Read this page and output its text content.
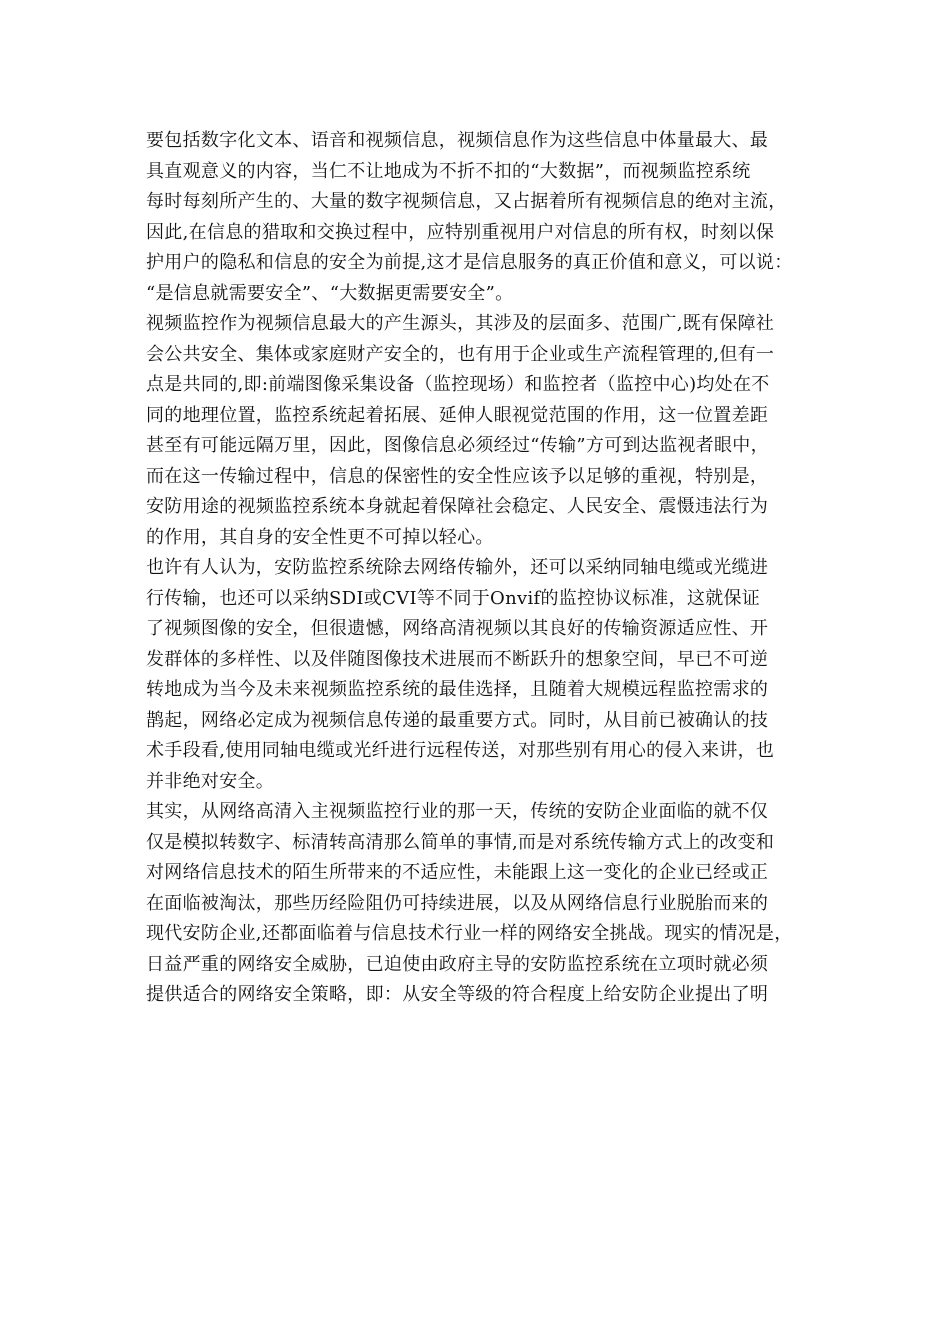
要包括数字化文本、语音和视频信息，视频信息作为这些信息中体量最大、最
具直观意义的内容，当仁不让地成为不折不扣的“大数据”，而视频监控系统
每时每刻所产生的、大量的数字视频信息，又占据着所有视频信息的绝对主流，
因此,在信息的猎取和交换过程中，应特别重视用户对信息的所有权，时刻以保
护用户的隐私和信息的安全为前提,这才是信息服务的真正价值和意义，可以说：
“是信息就需要安全”、“大数据更需要安全”。
视频监控作为视频信息最大的产生源头，其涉及的层面多、范围广,既有保障社
会公共安全、集体或家庭财产安全的，也有用于企业或生产流程管理的,但有一
点是共同的,即:前端图像采集设备（监控现场）和监控者（监控中心)均处在不
同的地理位置，监控系统起着拓展、延伸人眼视觉范围的作用，这一位置差距
甚至有可能远隔万里，因此，图像信息必须经过“传输”方可到达监视者眼中，
而在这一传输过程中，信息的保密性的安全性应该予以足够的重视，特别是，
安防用途的视频监控系统本身就起着保障社会稳定、人民安全、震慑违法行为
的作用，其自身的安全性更不可掉以轻心。
也许有人认为，安防监控系统除去网络传输外，还可以采纳同轴电缆或光缆进
行传输，也还可以采纳SDI或CVI等不同于Onvif的监控协议标准，这就保证
了视频图像的安全，但很遗憾，网络高清视频以其良好的传输资源适应性、开
发群体的多样性、以及伴随图像技术进展而不断跃升的想象空间，早已不可逆
转地成为当今及未来视频监控系统的最佳选择，且随着大规模远程监控需求的
鹊起，网络必定成为视频信息传递的最重要方式。同时，从目前已被确认的技
术手段看,使用同轴电缆或光纤进行远程传送，对那些别有用心的侵入来讲，也
并非绝对安全。
其实，从网络高清入主视频监控行业的那一天，传统的安防企业面临的就不仅
仅是模拟转数字、标清转高清那么简单的事情,而是对系统传输方式上的改变和
对网络信息技术的陌生所带来的不适应性，未能跟上这一变化的企业已经或正
在面临被淘汰，那些历经险阻仍可持续进展，以及从网络信息行业脱胎而来的
现代安防企业,还都面临着与信息技术行业一样的网络安全挑战。现实的情况是，
日益严重的网络安全威胁，已迫使由政府主导的安防监控系统在立项时就必须
提供适合的网络安全策略，即：从安全等级的符合程度上给安防企业提出了明
